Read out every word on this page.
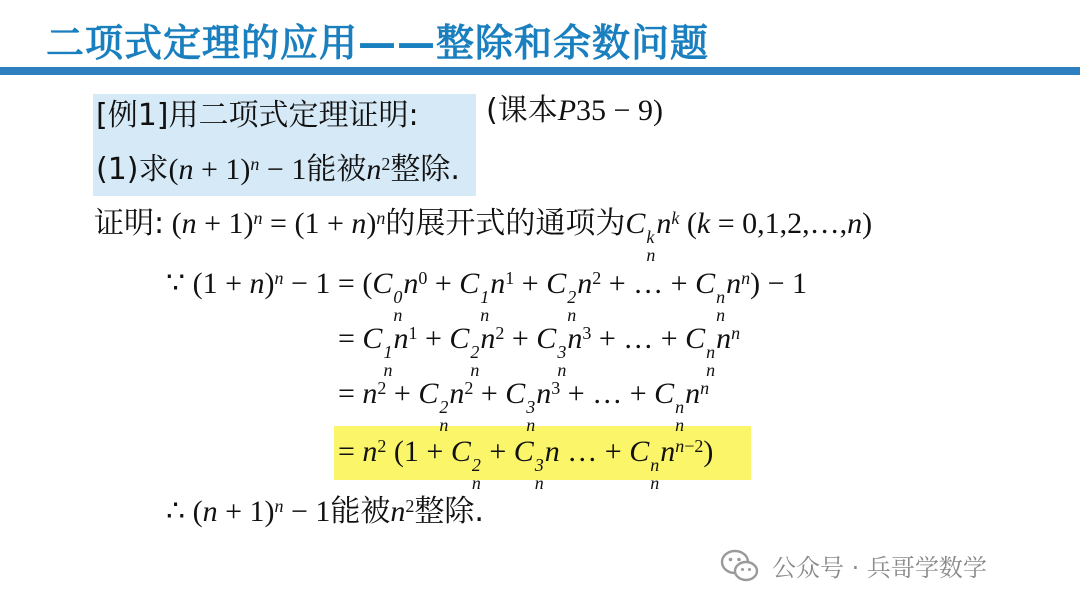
二项式定理的应用——整除和余数问题
[例1]用二项式定理证明: (课本P35 − 9)
(1)求$(n + 1)^n - 1$能被$n^2$整除.
证明: $(n + 1)^n = (1 + n)^n$的展开式的通项为C k
n
$n^k$ (k = 0,1,2,…,n)
∵ $(1 + n)^n - 1 = (C$ 0
n
$n^0 + C$ 1
n
$n^1 + C$ 2
n
$n^2$ + … + C n
n
$n^n) - 1$
= C 1
n
$n^1 + C$ 2
n
$n^2 + C$ 3
n
$n^3$ + … + C n
n
$n^n$
= $n^2 + C$ 2
n
$n^2 + C$ 3
n
$n^3$ + … + C n
n
$n^n$
= $n^2$ (1 + C 2
n
+ C 3
n
n … + C n
n
$n^{n-2}$)
∴ $(n + 1)^n - 1$能被$n^2$整除.
公众号 · 兵哥学数学
